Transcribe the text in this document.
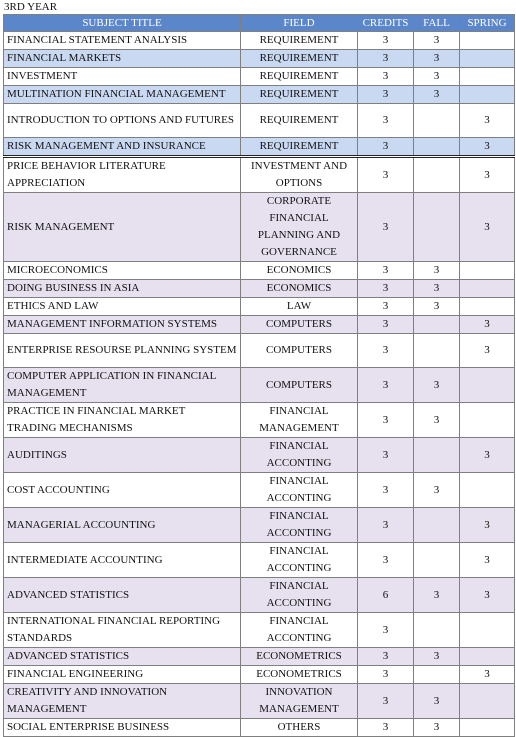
3RD YEAR
SUBJECT TITLE	FIELD	CREDITS	FALL	SPRING
FINANCIAL STATEMENT ANALYSIS	REQUIREMENT	3	3	
FINANCIAL MARKETS	REQUIREMENT	3	3	
INVESTMENT	REQUIREMENT	3	3	
MULTINATION FINANCIAL MANAGEMENT	REQUIREMENT	3	3	
INTRODUCTION TO OPTIONS AND FUTURES	REQUIREMENT	3		3
RISK MANAGEMENT AND INSURANCE	REQUIREMENT	3		3
PRICE BEHAVIOR LITERATURE APPRECIATION	INVESTMENT AND OPTIONS	3		3
RISK MANAGEMENT	CORPORATE FINANCIAL PLANNING AND GOVERNANCE	3		3
MICROECONOMICS	ECONOMICS	3	3	
DOING BUSINESS IN ASIA	ECONOMICS	3	3	
ETHICS AND LAW	LAW	3	3	
MANAGEMENT INFORMATION SYSTEMS	COMPUTERS	3		3
ENTERPRISE RESOURSE PLANNING SYSTEM	COMPUTERS	3		3
COMPUTER APPLICATION IN FINANCIAL MANAGEMENT	COMPUTERS	3	3	
PRACTICE IN FINANCIAL MARKET TRADING MECHANISMS	FINANCIAL MANAGEMENT	3	3	
AUDITINGS	FINANCIAL ACCONTING	3		3
COST ACCOUNTING	FINANCIAL ACCONTING	3	3	
MANAGERIAL ACCOUNTING	FINANCIAL ACCONTING	3		3
INTERMEDIATE ACCOUNTING	FINANCIAL ACCONTING	3		3
ADVANCED STATISTICS	FINANCIAL ACCONTING	6	3	3
INTERNATIONAL FINANCIAL REPORTING STANDARDS	FINANCIAL ACCONTING	3		
ADVANCED STATISTICS	ECONOMETRICS	3	3	
FINANCIAL ENGINEERING	ECONOMETRICS	3		3
CREATIVITY AND INNOVATION MANAGEMENT	INNOVATION MANAGEMENT	3	3	
SOCIAL ENTERPRISE BUSINESS	OTHERS	3	3	
